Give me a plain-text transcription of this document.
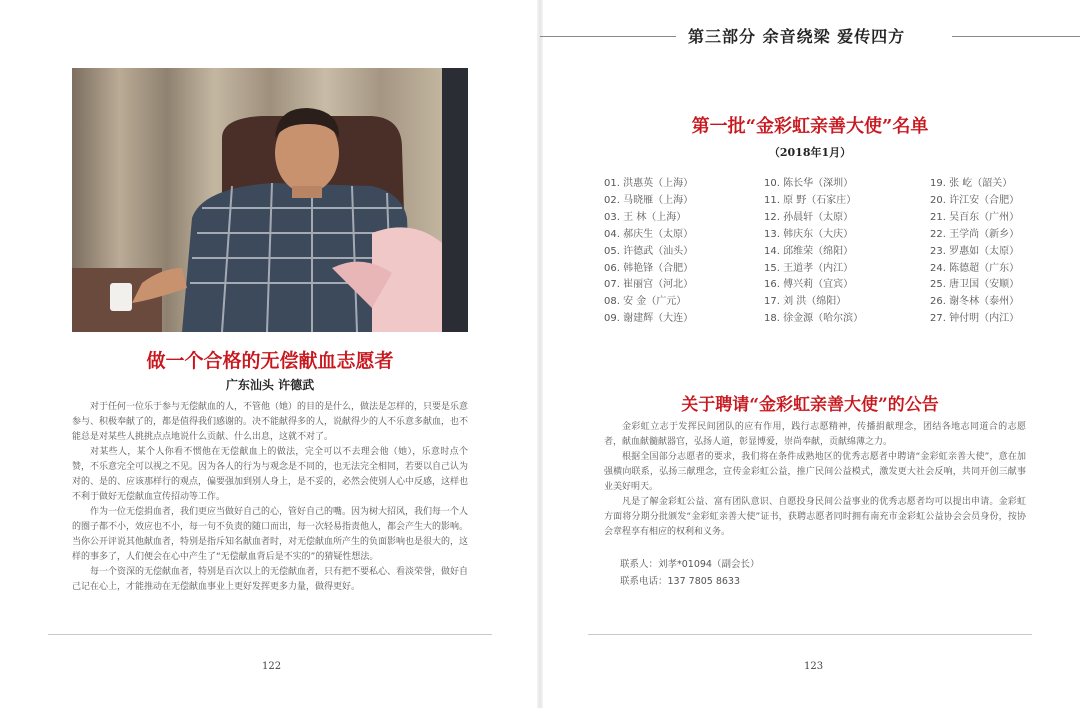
做一个合格的无偿献血志愿者
广东汕头 许德武

对于任何一位乐于参与无偿献血的人，不管他（她）的目的是什么，做法是怎样的，只要是乐意参与、积极奉献了的，都是值得我们感谢的。决不能献得多的人，说献得少的人不乐意多献血，也不能总是对某些人挑挑点点地说什么贡献、什么出息，这就不对了。

对某些人，某个人你看不惯他在无偿献血上的做法，完全可以不去理会他（她），乐意时点个赞，不乐意完全可以视之不见。因为各人的行为与观念是不同的，也无法完全相同，若要以自己认为对的、是的、应该那样行的观点，偏要强加到别人身上，是不妥的，必然会使别人心中反感，这样也不利于做好无偿献血宣传招动等工作。

作为一位无偿捐血者，我们更应当做好自己的心，管好自己的嘴。因为树大招风，我们每一个人的圈子都不小，效应也不小，每一句不负责的随口而出，每一次轻易指责他人，都会产生大的影响。当你公开评说其他献血者，特别是指斥知名献血者时，对无偿献血所产生的负面影响也是很大的，这样的事多了，人们便会在心中产生了“无偿献血背后是不实的”的猜疑性想法。

每一个资深的无偿献血者，特别是百次以上的无偿献血者，只有把不要私心、看淡荣誉，做好自己记在心上，才能推动在无偿献血事业上更好发挥更多力量，做得更好。

122
第三部分 余音绕梁 爱传四方
第一批“金彩虹亲善大使”名单
（2018年1月）
01. 洪惠英（上海）
02. 马晓雁（上海）
03. 王 林（上海）
04. 郝庆生（太原）
05. 许德武（汕头）
06. 韩艳锋（合肥）
07. 崔丽宫（河北）
08. 安 金（广元）
09. 谢建辉（大连）
10. 陈长华（深圳）
11. 原 野（石家庄）
12. 孙晨轩（太原）
13. 韩庆东（大庆）
14. 邱维荣（绵阳）
15. 王道孝（内江）
16. 傅兴莉（宜宾）
17. 刘 洪（绵阳）
18. 徐金源（哈尔滨）
19. 张 屹（韶关）
20. 许江安（合肥）
21. 吴百东（广州）
22. 王学尚（新乡）
23. 罗惠如（太原）
24. 陈德超（广东）
25. 唐卫国（安顺）
26. 谢冬林（泰州）
27. 钟付明（内江）
关于聘请“金彩虹亲善大使”的公告

金彩虹立志于发挥民间团队的应有作用，践行志愿精神，传播捐献理念，团结各地志同道合的志愿者，献血献髓献器官，弘扬人道，彰显博爱，崇尚奉献，贡献绵薄之力。

根据全国部分志愿者的要求，我们将在条件成熟地区的优秀志愿者中聘请“金彩虹亲善大使”，意在加强横向联系，弘扬三献理念，宣传金彩虹公益，推广民间公益模式，激发更大社会反响，共同开创三献事业美好明天。

凡是了解金彩虹公益、富有团队意识、自愿投身民间公益事业的优秀志愿者均可以提出申请。金彩虹方面将分期分批颁发“金彩虹亲善大使”证书，获聘志愿者同时拥有南充市金彩虹公益协会会员身份，按协会章程享有相应的权利和义务。

联系人：刘孝*01094（副会长）
联系电话：137 7805 8633
123
